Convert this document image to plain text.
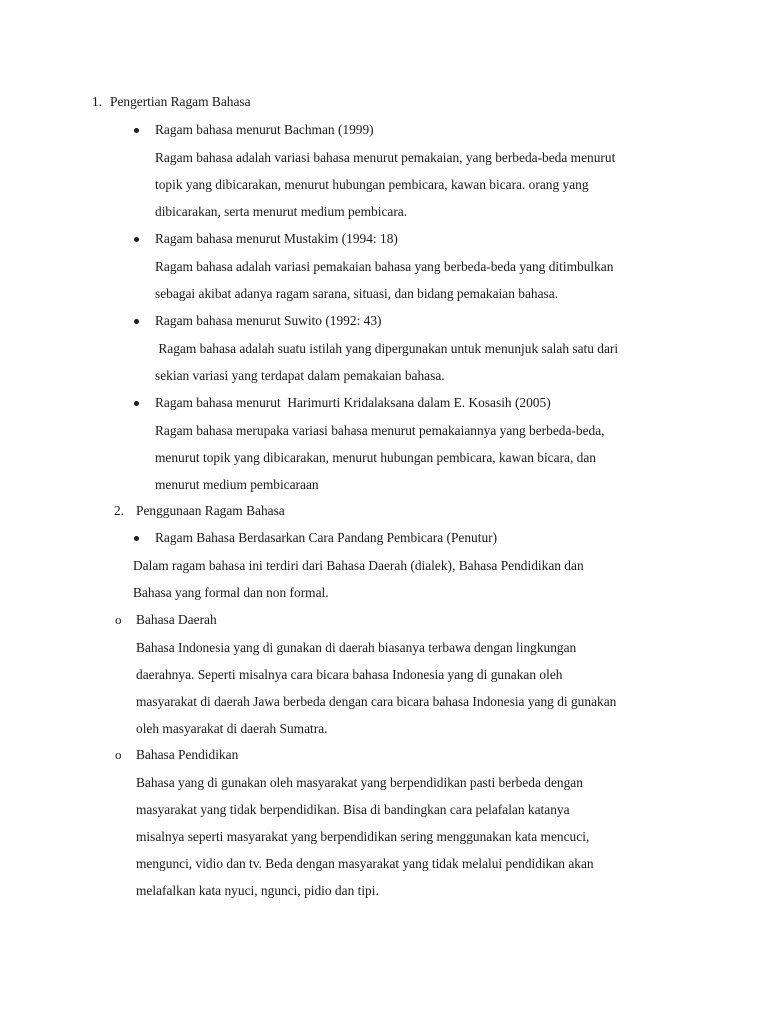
1. Pengertian Ragam Bahasa
Ragam bahasa menurut Bachman (1999)
Ragam bahasa adalah variasi bahasa menurut pemakaian, yang berbeda-beda menurut
topik yang dibicarakan, menurut hubungan pembicara, kawan bicara. orang yang
dibicarakan, serta menurut medium pembicara.
Ragam bahasa menurut Mustakim (1994: 18)
Ragam bahasa adalah variasi pemakaian bahasa yang berbeda-beda yang ditimbulkan
sebagai akibat adanya ragam sarana, situasi, dan bidang pemakaian bahasa.
Ragam bahasa menurut Suwito (1992: 43)
Ragam bahasa adalah suatu istilah yang dipergunakan untuk menunjuk salah satu dari
sekian variasi yang terdapat dalam pemakaian bahasa.
Ragam bahasa menurut  Harimurti Kridalaksana dalam E. Kosasih (2005)
Ragam bahasa merupaka variasi bahasa menurut pemakaiannya yang berbeda-beda,
menurut topik yang dibicarakan, menurut hubungan pembicara, kawan bicara, dan
menurut medium pembicaraan
2. Penggunaan Ragam Bahasa
Ragam Bahasa Berdasarkan Cara Pandang Pembicara (Penutur)
Dalam ragam bahasa ini terdiri dari Bahasa Daerah (dialek), Bahasa Pendidikan dan
Bahasa yang formal dan non formal.
o Bahasa Daerah
Bahasa Indonesia yang di gunakan di daerah biasanya terbawa dengan lingkungan
daerahnya. Seperti misalnya cara bicara bahasa Indonesia yang di gunakan oleh
masyarakat di daerah Jawa berbeda dengan cara bicara bahasa Indonesia yang di gunakan
oleh masyarakat di daerah Sumatra.
o Bahasa Pendidikan
Bahasa yang di gunakan oleh masyarakat yang berpendidikan pasti berbeda dengan
masyarakat yang tidak berpendidikan. Bisa di bandingkan cara pelafalan katanya
misalnya seperti masyarakat yang berpendidikan sering menggunakan kata mencuci,
mengunci, vidio dan tv. Beda dengan masyarakat yang tidak melalui pendidikan akan
melafalkan kata nyuci, ngunci, pidio dan tipi.
